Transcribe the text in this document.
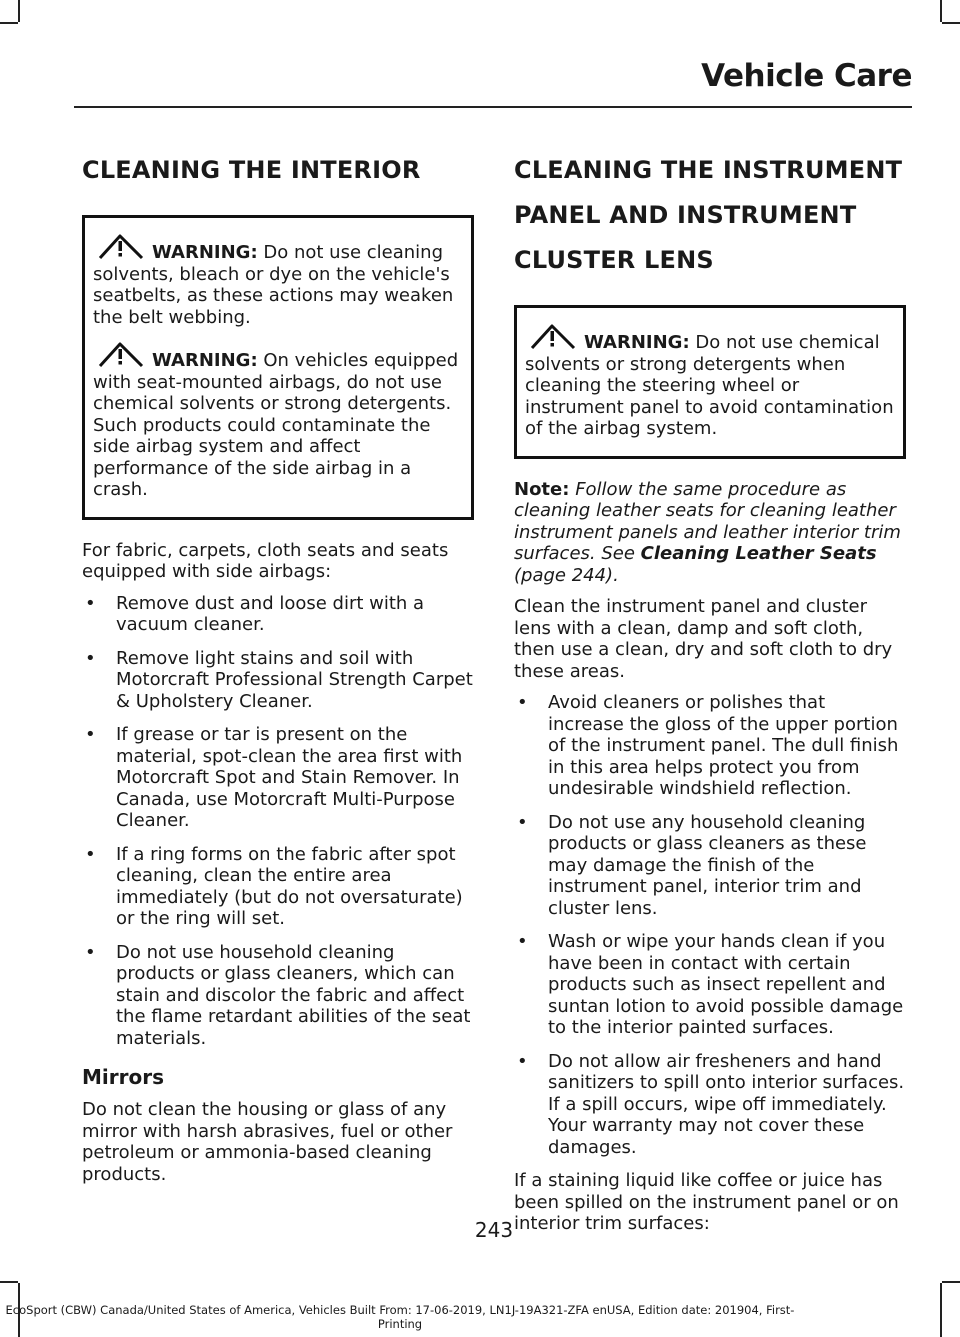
Vehicle Care
CLEANING THE INTERIOR

WARNING: Do not use cleaning solvents, bleach or dye on the vehicle's seatbelts, as these actions may weaken the belt webbing.

WARNING: On vehicles equipped with seat-mounted airbags, do not use chemical solvents or strong detergents. Such products could contaminate the side airbag system and affect performance of the side airbag in a crash.

For fabric, carpets, cloth seats and seats equipped with side airbags:

• Remove dust and loose dirt with a vacuum cleaner.
• Remove light stains and soil with Motorcraft Professional Strength Carpet & Upholstery Cleaner.
• If grease or tar is present on the material, spot-clean the area first with Motorcraft Spot and Stain Remover. In Canada, use Motorcraft Multi-Purpose Cleaner.
• If a ring forms on the fabric after spot cleaning, clean the entire area immediately (but do not oversaturate) or the ring will set.
• Do not use household cleaning products or glass cleaners, which can stain and discolor the fabric and affect the flame retardant abilities of the seat materials.
Mirrors

Do not clean the housing or glass of any mirror with harsh abrasives, fuel or other petroleum or ammonia-based cleaning products.

CLEANING THE INSTRUMENT
PANEL AND INSTRUMENT
CLUSTER LENS

WARNING: Do not use chemical solvents or strong detergents when cleaning the steering wheel or instrument panel to avoid contamination of the airbag system.

Note: Follow the same procedure as cleaning leather seats for cleaning leather instrument panels and leather interior trim surfaces. See Cleaning Leather Seats (page 244).

Clean the instrument panel and cluster lens with a clean, damp and soft cloth, then use a clean, dry and soft cloth to dry these areas.

• Avoid cleaners or polishes that increase the gloss of the upper portion of the instrument panel. The dull finish in this area helps protect you from undesirable windshield reflection.
• Do not use any household cleaning products or glass cleaners as these may damage the finish of the instrument panel, interior trim and cluster lens.
• Wash or wipe your hands clean if you have been in contact with certain products such as insect repellent and suntan lotion to avoid possible damage to the interior painted surfaces.
• Do not allow air fresheners and hand sanitizers to spill onto interior surfaces. If a spill occurs, wipe off immediately. Your warranty may not cover these damages.

If a staining liquid like coffee or juice has been spilled on the instrument panel or on interior trim surfaces:

243
EcoSport (CBW) Canada/United States of America, Vehicles Built From: 17-06-2019, LN1J-19A321-ZFA enUSA, Edition date: 201904, First-Printing
